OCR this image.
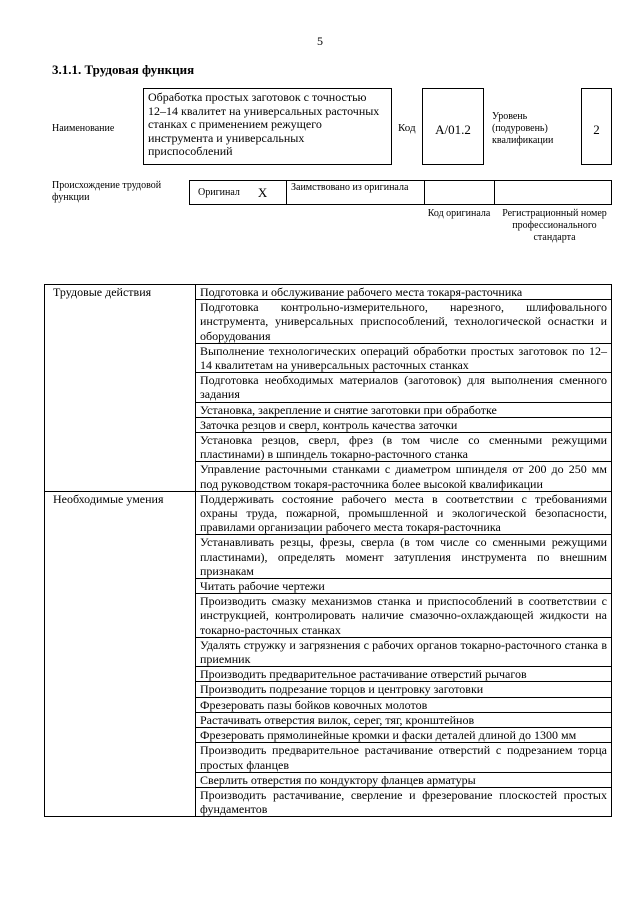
5
3.1.1. Трудовая функция
Наименование
Обработка простых заготовок с точностью 12–14 квалитет на универсальных расточных станках с применением режущего инструмента и универсальных приспособлений
Код	А/01.2
Уровень (подуровень) квалификации
2
Происхождение трудовой функции	Оригинал X	Заимствовано из оригинала
Код оригинала	Регистрационный номер профессионального стандарта
Трудовые действия	Подготовка и обслуживание рабочего места токаря-расточника
	Подготовка контрольно-измерительного, нарезного, шлифовального инструмента, универсальных приспособлений, технологической оснастки и оборудования
	Выполнение технологических операций обработки простых заготовок по 12–14 квалитетам на универсальных расточных станках
	Подготовка необходимых материалов (заготовок) для выполнения сменного задания
	Установка, закрепление и снятие заготовки при обработке
	Заточка резцов и сверл, контроль качества заточки
	Установка резцов, сверл, фрез (в том числе со сменными режущими пластинами) в шпиндель токарно-расточного станка
	Управление расточными станками с диаметром шпинделя от 200 до 250 мм под руководством токаря-расточника более высокой квалификации
Необходимые умения	Поддерживать состояние рабочего места в соответствии с требованиями охраны труда, пожарной, промышленной и экологической безопасности, правилами организации рабочего места токаря-расточника
	Устанавливать резцы, фрезы, сверла (в том числе со сменными режущими пластинами), определять момент затупления инструмента по внешним признакам
	Читать рабочие чертежи
	Производить смазку механизмов станка и приспособлений в соответствии с инструкцией, контролировать наличие смазочно-охлаждающей жидкости на токарно-расточных станках
	Удалять стружку и загрязнения с рабочих органов токарно-расточного станка в приемник
	Производить предварительное растачивание отверстий рычагов
	Производить подрезание торцов и центровку заготовки
	Фрезеровать пазы бойков ковочных молотов
	Растачивать отверстия вилок, серег, тяг, кронштейнов
	Фрезеровать прямолинейные кромки и фаски деталей длиной до 1300 мм
	Производить предварительное растачивание отверстий с подрезанием торца простых фланцев
	Сверлить отверстия по кондуктору фланцев арматуры
	Производить растачивание, сверление и фрезерование плоскостей простых фундаментов
